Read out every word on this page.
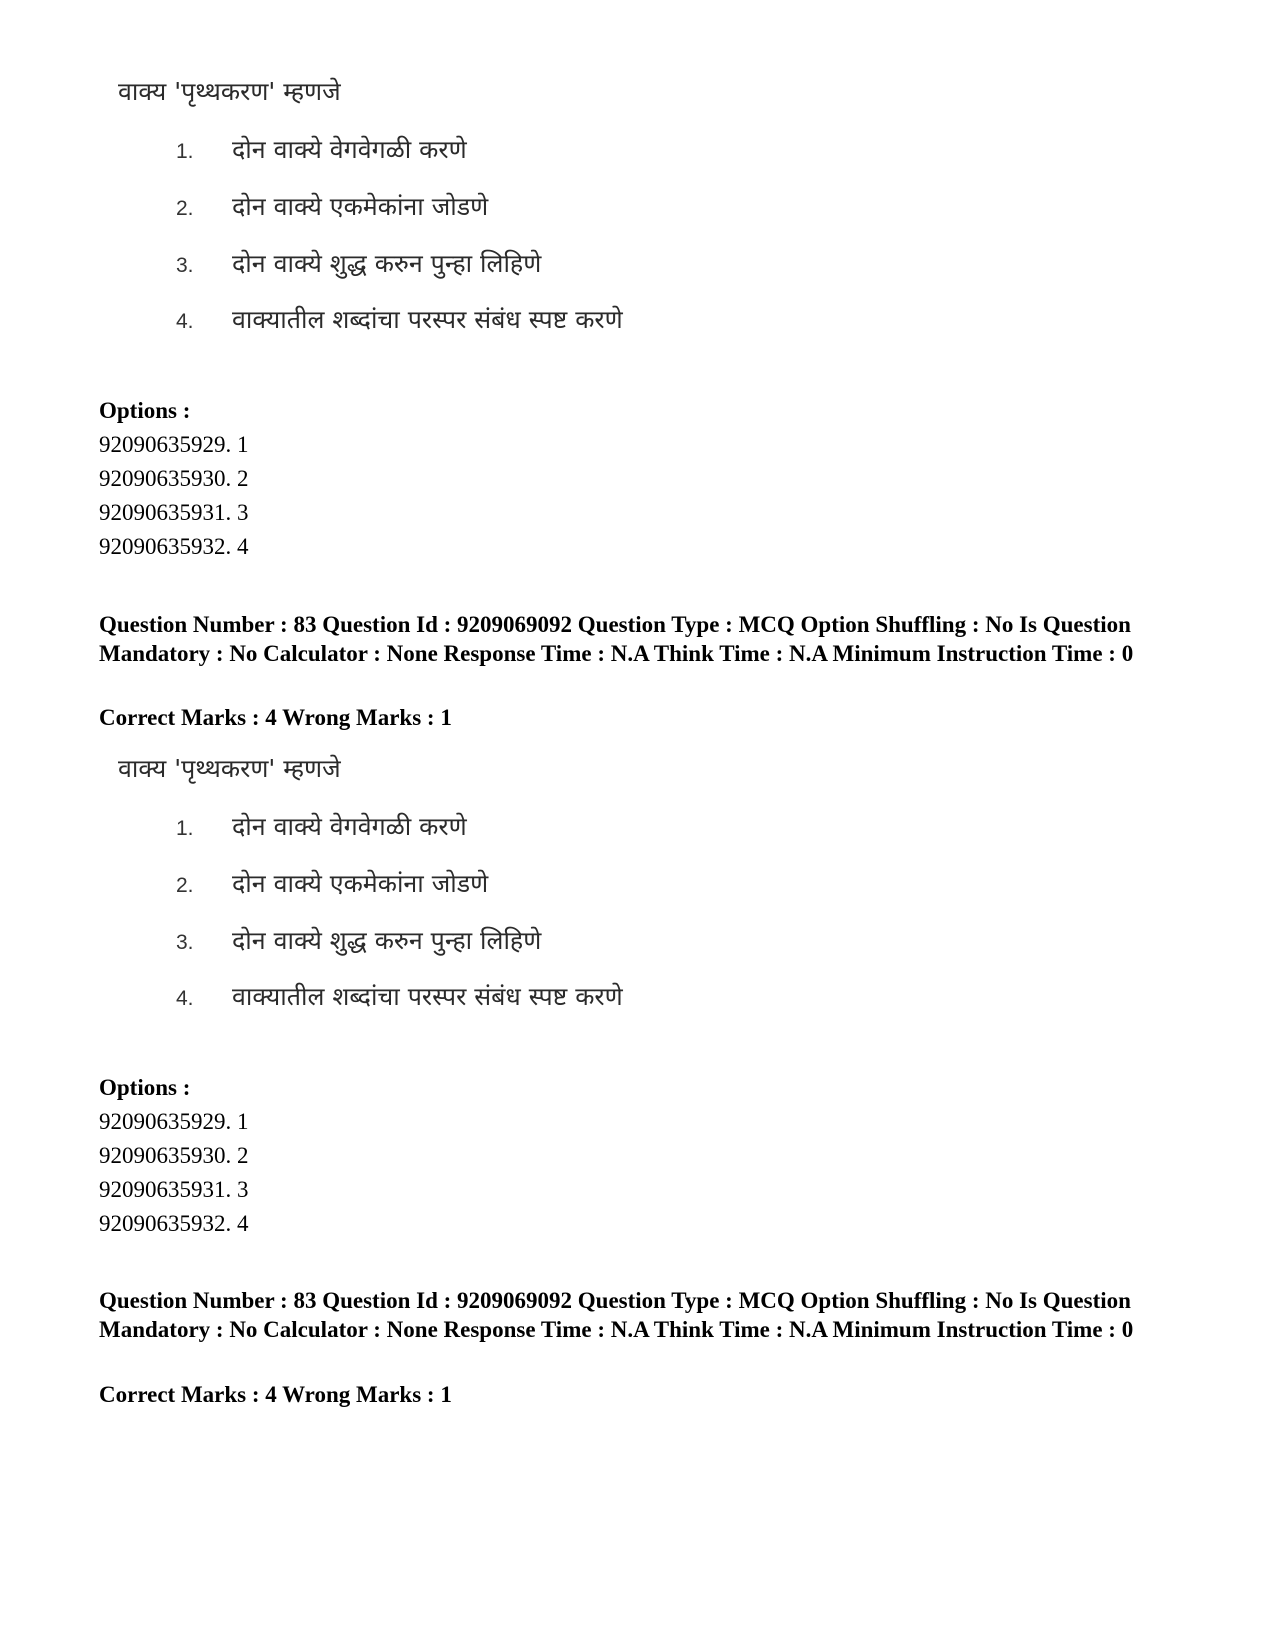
वाक्य 'पृथ्थकरण' म्हणजे
1. दोन वाक्ये वेगवेगळी करणे
2. दोन वाक्ये एकमेकांना जोडणे
3. दोन वाक्ये शुद्ध करुन पुन्हा लिहिणे
4. वाक्यातील शब्दांचा परस्पर संबंध स्पष्ट करणे
Options :
92090635929. 1
92090635930. 2
92090635931. 3
92090635932. 4
Question Number : 83 Question Id : 9209069092 Question Type : MCQ Option Shuffling : No Is Question Mandatory : No Calculator : None Response Time : N.A Think Time : N.A Minimum Instruction Time : 0
Correct Marks : 4 Wrong Marks : 1
वाक्य 'पृथ्थकरण' म्हणजे
1. दोन वाक्ये वेगवेगळी करणे
2. दोन वाक्ये एकमेकांना जोडणे
3. दोन वाक्ये शुद्ध करुन पुन्हा लिहिणे
4. वाक्यातील शब्दांचा परस्पर संबंध स्पष्ट करणे
Options :
92090635929. 1
92090635930. 2
92090635931. 3
92090635932. 4
Question Number : 83 Question Id : 9209069092 Question Type : MCQ Option Shuffling : No Is Question Mandatory : No Calculator : None Response Time : N.A Think Time : N.A Minimum Instruction Time : 0
Correct Marks : 4 Wrong Marks : 1
